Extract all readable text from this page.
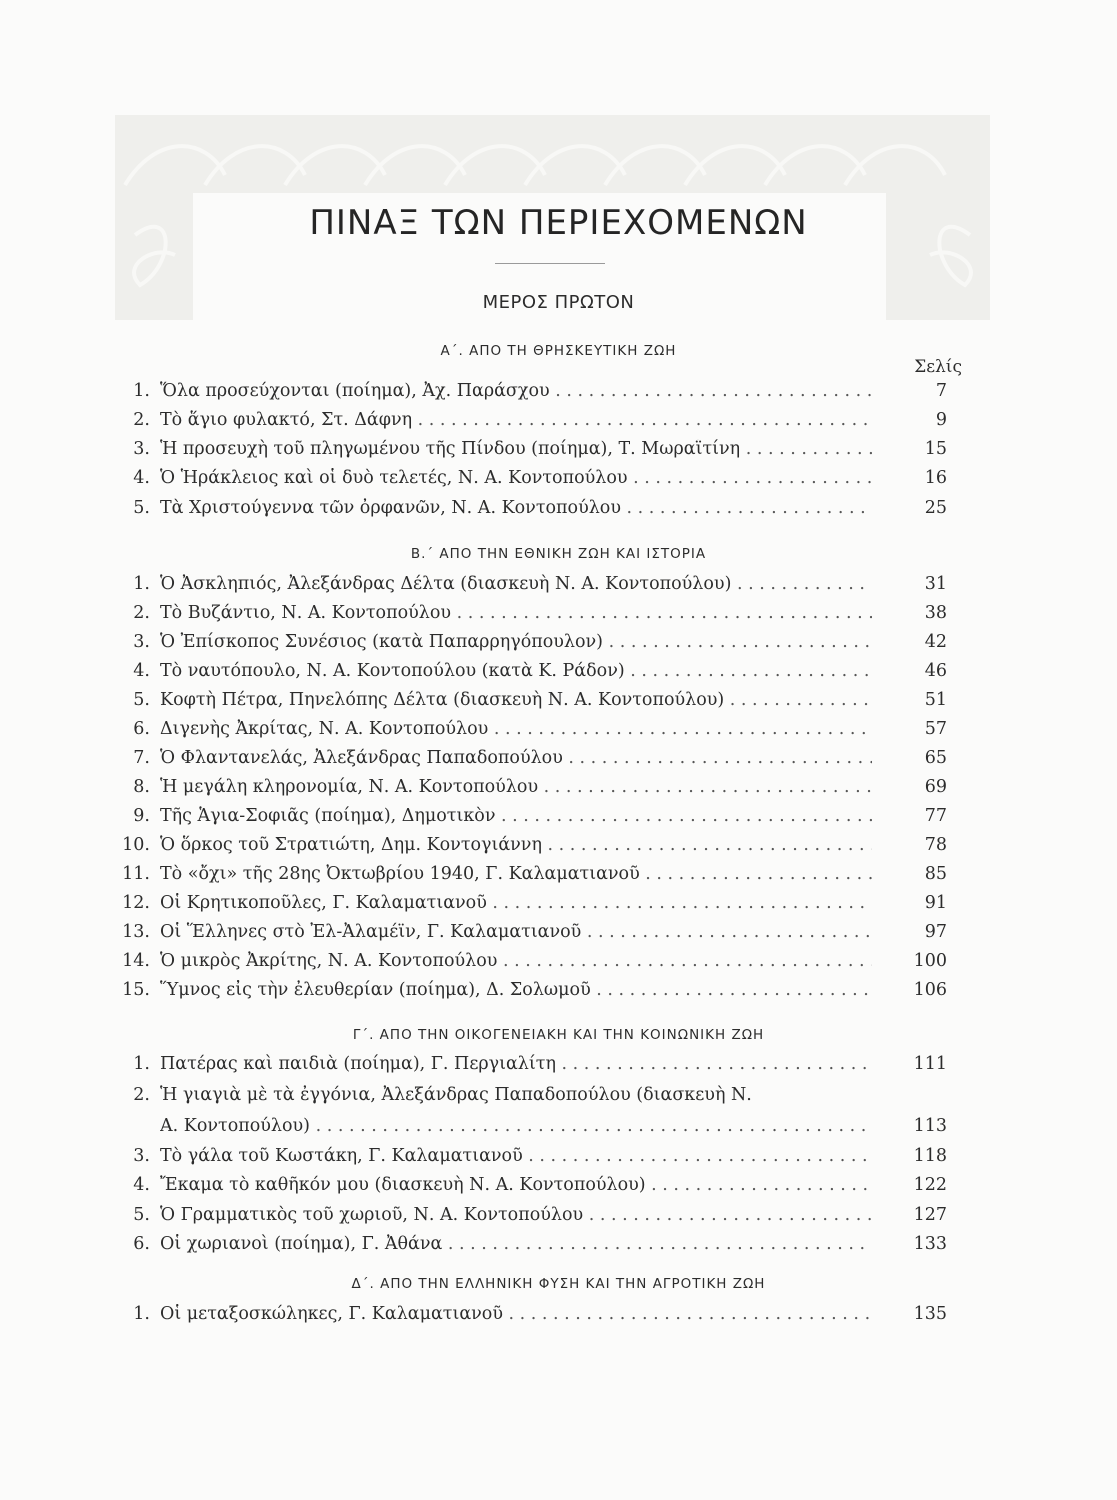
ΠΙΝΑΞ ΤΩΝ ΠΕΡΙΕΧΟΜΕΝΩΝ
ΜΕΡΟΣ ΠΡΩΤΟΝ
Σελίς
Α΄. ΑΠΟ ΤΗ ΘΡΗΣΚΕΥΤΙΚΗ ΖΩΗ
Β.΄ ΑΠΟ ΤΗΝ ΕΘΝΙΚΗ ΖΩΗ ΚΑΙ ΙΣΤΟΡΙΑ
Γ΄. ΑΠΟ ΤΗΝ ΟΙΚΟΓΕΝΕΙΑΚΗ ΚΑΙ ΤΗΝ ΚΟΙΝΩΝΙΚΗ ΖΩΗ
Δ΄. ΑΠΟ ΤΗΝ ΕΛΛΗΝΙΚΗ ΦΥΣΗ ΚΑΙ ΤΗΝ ΑΓΡΟΤΙΚΗ ΖΩΗ
1. Ὅλα προσεύχονται (ποίημα), Ἀχ. Παράσχου . . .	7
2. Τὸ ἅγιο φυλακτό, Στ. Δάφνη . . .	9
3. Ἡ προσευχὴ τοῦ πληγωμένου τῆς Πίνδου (ποίημα), Τ. Μωραΐτίνη . . .	15
4. Ὁ Ἡράκλειος καὶ οἱ δυὸ τελετές, Ν. Α. Κοντοπούλου . . .	16
5. Τὰ Χριστούγεννα τῶν ὀρφανῶν, Ν. Α. Κοντοπούλου . . .	25
1. Ὁ Ἀσκληπιός, Ἀλεξάνδρας Δέλτα (διασκευὴ Ν. Α. Κοντοπούλου) . . .	31
2. Τὸ Βυζάντιο, Ν. Α. Κοντοπούλου . . .	38
3. Ὁ Ἐπίσκοπος Συνέσιος (κατὰ Παπαρρηγόπουλον) . . .	42
4. Τὸ ναυτόπουλο, Ν. Α. Κοντοπούλου (κατὰ Κ. Ράδον) . . .	46
5. Κοφτὴ Πέτρα, Πηνελόπης Δέλτα (διασκευὴ Ν. Α. Κοντοπούλου) . . .	51
6. Διγενὴς Ἀκρίτας, Ν. Α. Κοντοπούλου . . .	57
7. Ὁ Φλαντανελάς, Ἀλεξάνδρας Παπαδοπούλου . . .	65
8. Ἡ μεγάλη κληρονομία, Ν. Α. Κοντοπούλου . . .	69
9. Τῆς Ἁγια-Σοφιᾶς (ποίημα), Δημοτικὸν . . .	77
10. Ὁ ὅρκος τοῦ Στρατιώτη, Δημ. Κοντογιάννη . . .	78
11. Τὸ «ὄχι» τῆς 28ης Ὀκτωβρίου 1940, Γ. Καλαματιανοῦ . . .	85
12. Οἱ Κρητικοποῦλες, Γ. Καλαματιανοῦ . . .	91
13. Οἱ Ἕλληνες στὸ Ἐλ-Ἀλαμέϊν, Γ. Καλαματιανοῦ . . .	97
14. Ὁ μικρὸς Ἀκρίτης, Ν. Α. Κοντοπούλου . . .	100
15. Ὕμνος εἰς τὴν ἐλευθερίαν (ποίημα), Δ. Σολωμοῦ . . .	106
1. Πατέρας καὶ παιδιὰ (ποίημα), Γ. Περγιαλίτη . . .	111
2. Ἡ γιαγιὰ μὲ τὰ ἐγγόνια, Ἀλεξάνδρας Παπαδοπούλου (διασκευὴ Ν.
Α. Κοντοπούλου) . . .	113
3. Τὸ γάλα τοῦ Κωστάκη, Γ. Καλαματιανοῦ . . .	118
4. Ἔκαμα τὸ καθῆκόν μου (διασκευὴ Ν. Α. Κοντοπούλου) . . .	122
5. Ὁ Γραμματικὸς τοῦ χωριοῦ, Ν. Α. Κοντοπούλου . . .	127
6. Οἱ χωριανοὶ (ποίημα), Γ. Ἀθάνα . . .	133
1. Οἱ μεταξοσκώληκες, Γ. Καλαματιανοῦ . . .	135
